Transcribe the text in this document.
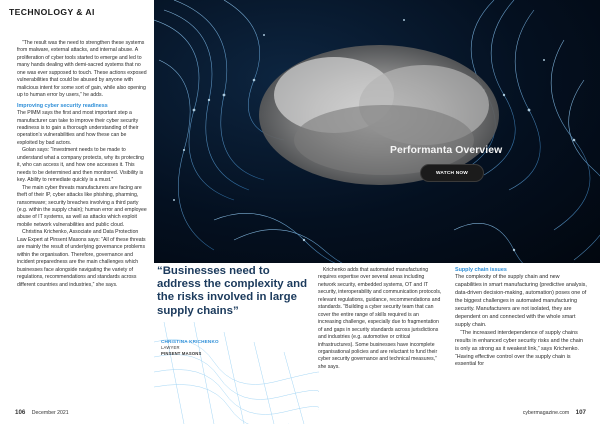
TECHNOLOGY & AI

“The result was the need to strengthen these systems from malware, external attacks, and internal abuse. A proliferation of cyber tools started to emerge and led to many hands dealing with demi-sacred systems that no one was ever supposed to touch. These actions exposed vulnerabilities that could be abused by anyone with malicious intent for some sort of gain, while also opening up to human error by users,” he adds.

Improving cyber security readiness

The PIMM says the first and most important step a manufacturer can take to improve their cyber security readiness is to gain a thorough understanding of their operation’s vulnerabilities and how these can be exploited by bad actors.

Golan says: “Investment needs to be made to understand what a company protects, why its protecting it, who can access it, and how one accesses it. This needs to be determined and then monitored. Visibility is key. Ability to remediate quickly is a must.”

The main cyber threats manufacturers are facing are theft of their IP, cyber attacks like phishing, pharming, ransomware; security breaches involving a third party (e.g. within the supply chain); human error and employee abuse of IT systems, as well as attacks which exploit mobile network vulnerabilities and public cloud.

Christina Krichenko, Associate and Data Protection Law Expert at Pinsent Masons says: “All of these threats are mainly the result of underlying governance problems within the organisation. Therefore, governance and incident preparedness are the main challenges which businesses face alongside navigating the variety of regulations, recommendations and standards across different countries and industries,” she says.

Performanta Overview
WATCH NOW
“Businesses need to address the complexity and the risks involved in large supply chains”
CHRISTINA KRICHENKO
LAWYER
PINSENT MASONS

Krichenko adds that automated manufacturing requires expertise over several areas including network security, embedded systems, OT and IT security, interoperability and communication protocols, relevant regulations, guidance, recommendations and standards. “Building a cyber security team that can cover the entire range of skills required is an increasing challenge, especially due to fragmentation of and gaps in security standards across jurisdictions and industries (e.g. automotive or critical infrastructures). Some businesses have incomplete organisational policies and are reluctant to fund their cyber security governance and technical measures,” she says.

Supply chain issues

The complexity of the supply chain and new capabilities in smart manufacturing (predictive analysis, data-driven decision-making, automation) poses one of the biggest challenges in automated manufacturing security. Manufacturers are not isolated, they are dependent on and connected with the whole smart supply chain.

“The increased interdependence of supply chains results in enhanced cyber security risks and the chain is only as strong as it weakest link,” says Krichenko. “Having effective control over the supply chain is essential for

106 December 2021	cybermagazine.com 107
